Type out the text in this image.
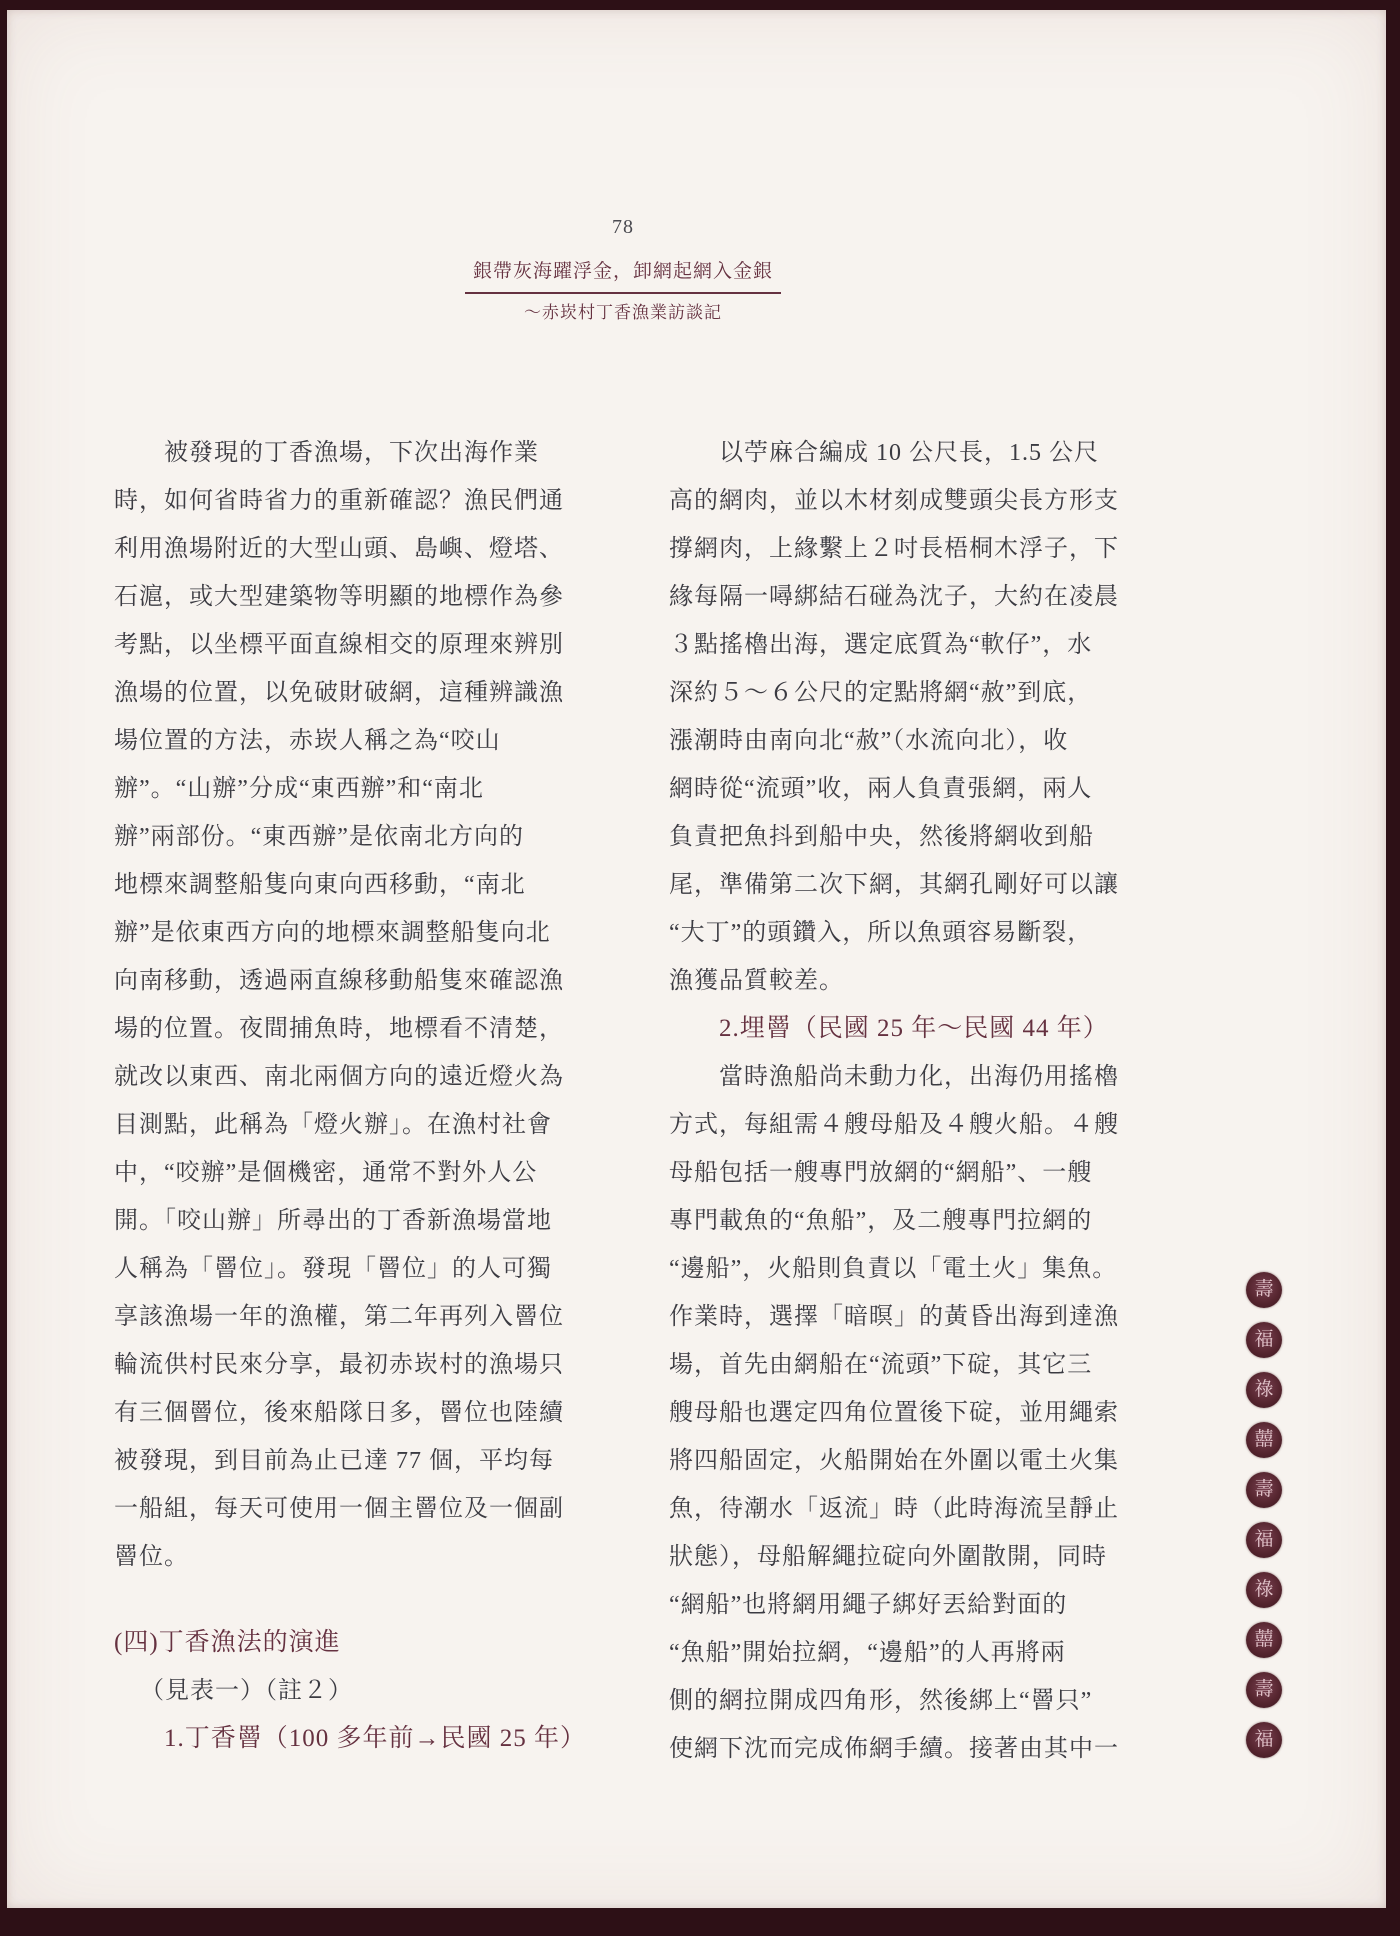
78
銀帶灰海躍浮金，卸網起網入金銀
～赤崁村丁香漁業訪談記
被發現的丁香漁場，下次出海作業
時，如何省時省力的重新確認？漁民們通
利用漁場附近的大型山頭、島嶼、燈塔、
石滬，或大型建築物等明顯的地標作為參
考點，以坐標平面直線相交的原理來辨別
漁場的位置，以免破財破網，這種辨識漁
場位置的方法，赤崁人稱之為“咬山
辦”。“山辦”分成“東西辦”和“南北
辦”兩部份。“東西辦”是依南北方向的
地標來調整船隻向東向西移動，“南北
辦”是依東西方向的地標來調整船隻向北
向南移動，透過兩直線移動船隻來確認漁
場的位置。夜間捕魚時，地標看不清楚，
就改以東西、南北兩個方向的遠近燈火為
目測點，此稱為「燈火辦」。在漁村社會
中，“咬辦”是個機密，通常不對外人公
開。「咬山辦」所尋出的丁香新漁場當地
人稱為「罾位」。發現「罾位」的人可獨
享該漁場一年的漁權，第二年再列入罾位
輪流供村民來分享，最初赤崁村的漁場只
有三個罾位，後來船隊日多，罾位也陸續
被發現，到目前為止已達 77 個，平均每
一船組，每天可使用一個主罾位及一個副
罾位。
(四)丁香漁法的演進
（見表一）（註２）
1.丁香罾（100 多年前→民國 25 年）
以苧麻合編成 10 公尺長，1.5 公尺
高的網肉，並以木材刻成雙頭尖長方形支
撐網肉，上緣繫上２吋長梧桐木浮子，下
緣每隔一噚綁結石碰為沈子，大約在凌晨
３點搖櫓出海，選定底質為“軟仔”，水
深約５～６公尺的定點將網“赦”到底，
漲潮時由南向北“赦”（水流向北），收
網時從“流頭”收，兩人負責張網，兩人
負責把魚抖到船中央，然後將網收到船
尾，準備第二次下網，其網孔剛好可以讓
“大丁”的頭鑽入，所以魚頭容易斷裂，
漁獲品質較差。
2.埋罾（民國 25 年～民國 44 年）
當時漁船尚未動力化，出海仍用搖櫓
方式，每組需４艘母船及４艘火船。４艘
母船包括一艘專門放網的“網船”、一艘
專門載魚的“魚船”，及二艘專門拉網的
“邊船”，火船則負責以「電土火」集魚。
作業時，選擇「暗暝」的黃昏出海到達漁
場，首先由網船在“流頭”下碇，其它三
艘母船也選定四角位置後下碇，並用繩索
將四船固定，火船開始在外圍以電土火集
魚，待潮水「返流」時（此時海流呈靜止
狀態），母船解繩拉碇向外圍散開，同時
“網船”也將網用繩子綁好丟給對面的
“魚船”開始拉網，“邊船”的人再將兩
側的網拉開成四角形，然後綁上“罾只”
使網下沈而完成佈網手續。接著由其中一
壽
福
祿
囍
壽
福
祿
囍
壽
福
